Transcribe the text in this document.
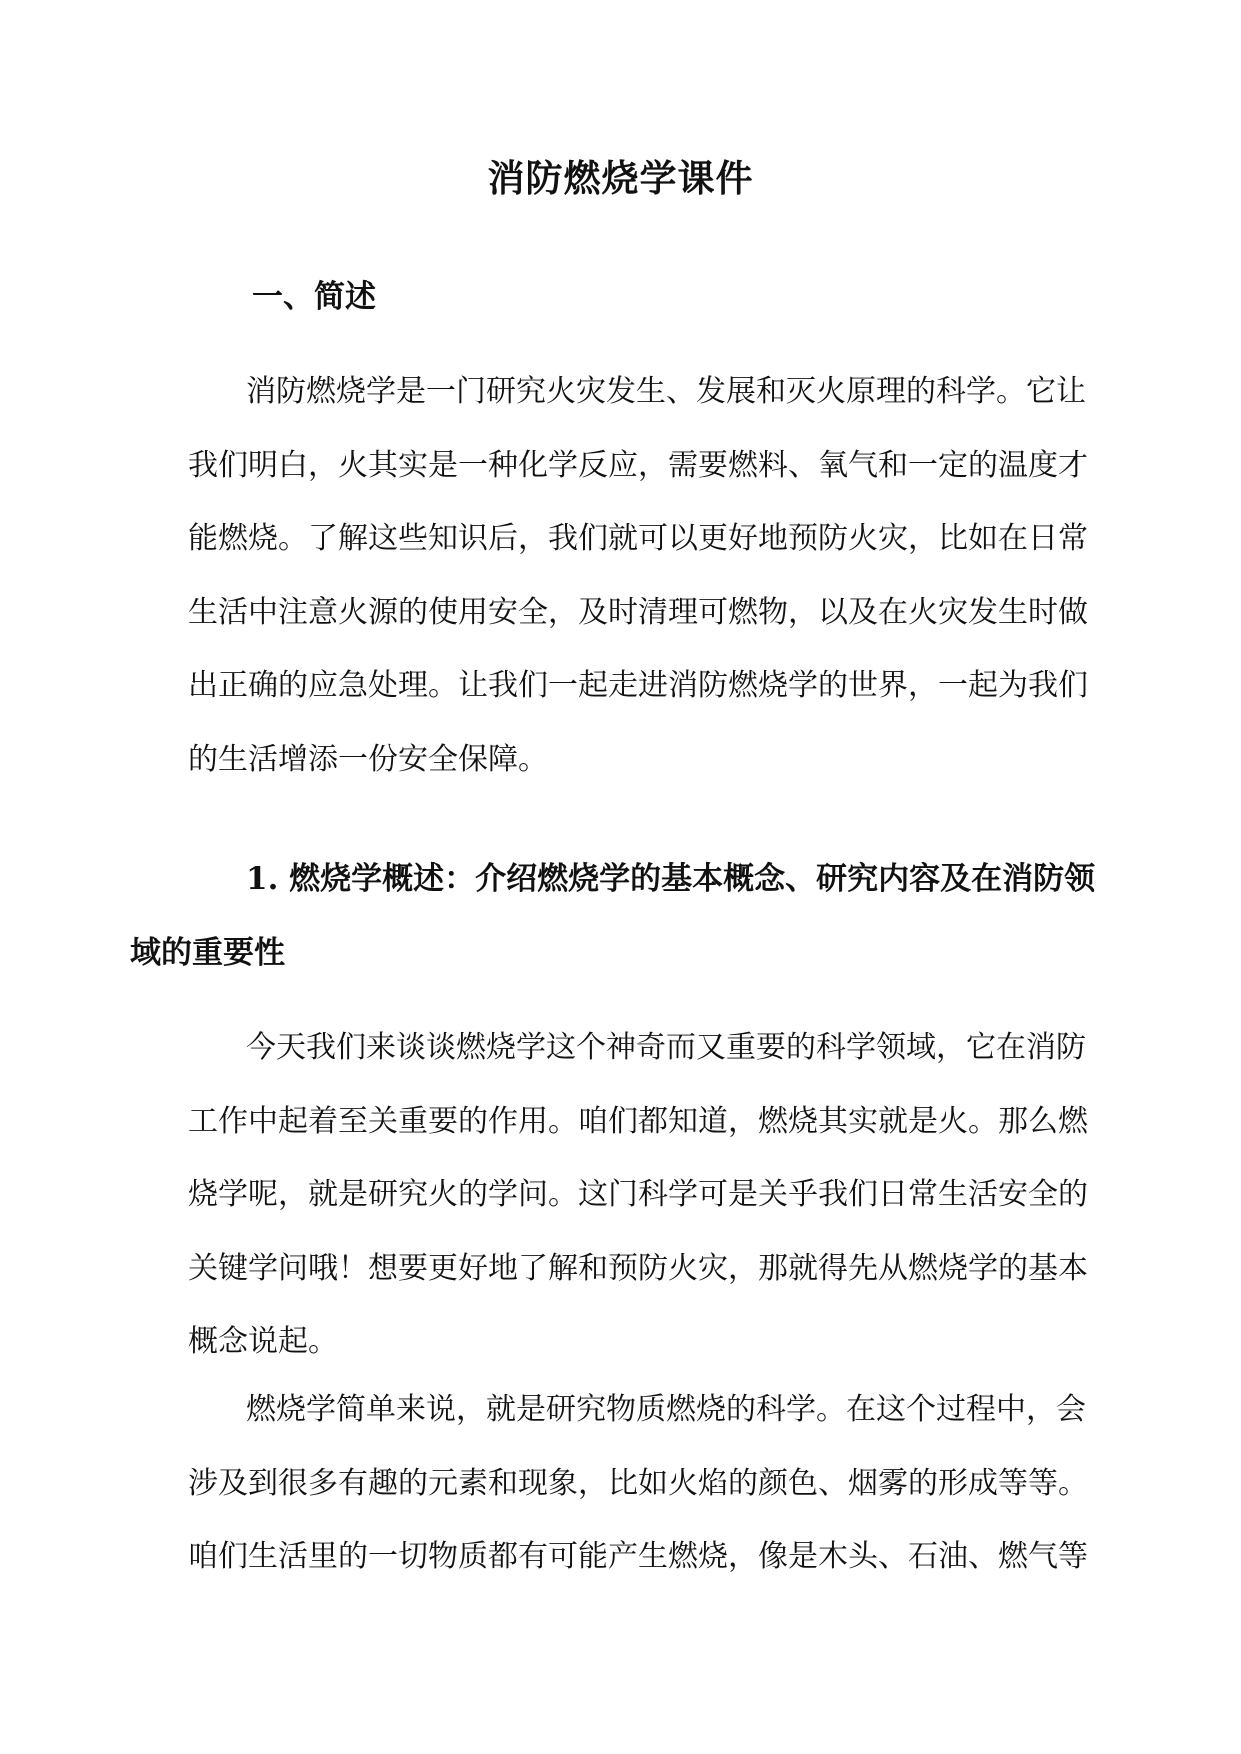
消防燃烧学课件
一、简述
消防燃烧学是一门研究火灾发生、发展和灭火原理的科学。它让
我们明白，火其实是一种化学反应，需要燃料、氧气和一定的温度才
能燃烧。了解这些知识后，我们就可以更好地预防火灾，比如在日常
生活中注意火源的使用安全，及时清理可燃物，以及在火灾发生时做
出正确的应急处理。让我们一起走进消防燃烧学的世界，一起为我们
的生活增添一份安全保障。
1. 燃烧学概述：介绍燃烧学的基本概念、研究内容及在消防领
域的重要性
今天我们来谈谈燃烧学这个神奇而又重要的科学领域，它在消防
工作中起着至关重要的作用。咱们都知道，燃烧其实就是火。那么燃
烧学呢，就是研究火的学问。这门科学可是关乎我们日常生活安全的
关键学问哦！想要更好地了解和预防火灾，那就得先从燃烧学的基本
概念说起。
燃烧学简单来说，就是研究物质燃烧的科学。在这个过程中，会
涉及到很多有趣的元素和现象，比如火焰的颜色、烟雾的形成等等。
咱们生活里的一切物质都有可能产生燃烧，像是木头、石油、燃气等
